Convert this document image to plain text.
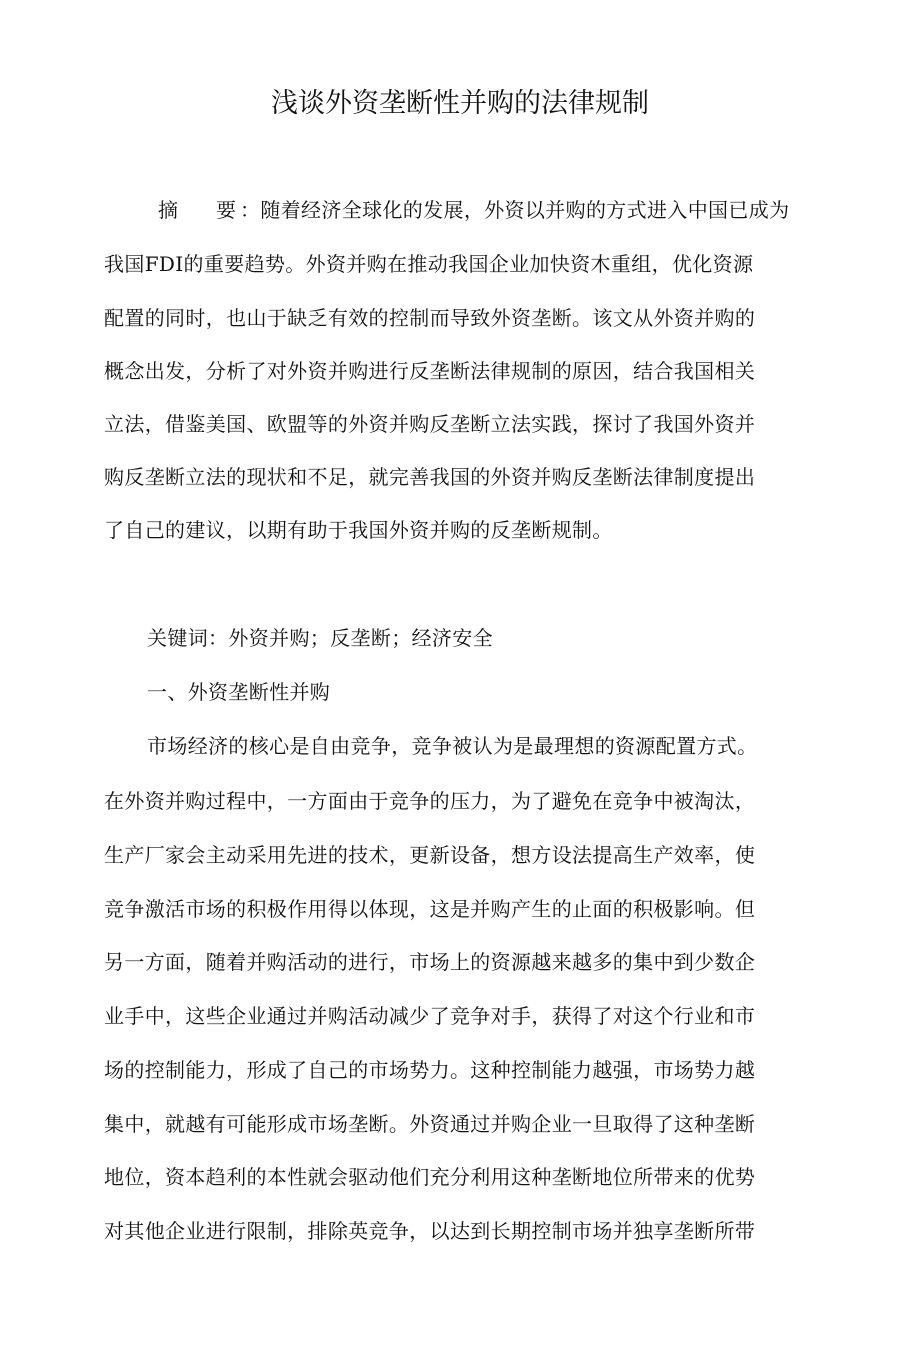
浅谈外资垄断性并购的法律规制
摘 要 ：随着经济全球化的发展，外资以并购的方式进入中国已成为
我国FDI的重要趋势。外资并购在推动我国企业加快资木重组，优化资源
配置的同时，也山于缺乏有效的控制而导致外资垄断。该文从外资并购的
概念出发，分析了对外资并购进行反垄断法律规制的原因，结合我国相关
立法，借鉴美国、欧盟等的外资并购反垄断立法实践，探讨了我国外资并
购反垄断立法的现状和不足，就完善我国的外资并购反垄断法律制度提出
了自己的建议，以期有助于我国外资并购的反垄断规制。
关键词：外资并购；反垄断；经济安全
一、外资垄断性并购
市场经济的核心是自由竞争，竞争被认为是最理想的资源配置方式。
在外资并购过程中，一方面由于竞争的压力，为了避免在竞争中被淘汰，
生产厂家会主动采用先进的技术，更新设备，想方设法提高生产效率，使
竞争激活市场的积极作用得以体现，这是并购产生的止面的积极影响。但
另一方面，随着并购活动的进行，市场上的资源越来越多的集中到少数企
业手中，这些企业通过并购活动减少了竞争对手，获得了对这个行业和市
场的控制能力，形成了自己的市场势力。这种控制能力越强，市场势力越
集中，就越有可能形成市场垄断。外资通过并购企业一旦取得了这种垄断
地位，资本趋利的本性就会驱动他们充分利用这种垄断地位所带来的优势
对其他企业进行限制，排除英竞争，以达到长期控制市场并独享垄断所带
